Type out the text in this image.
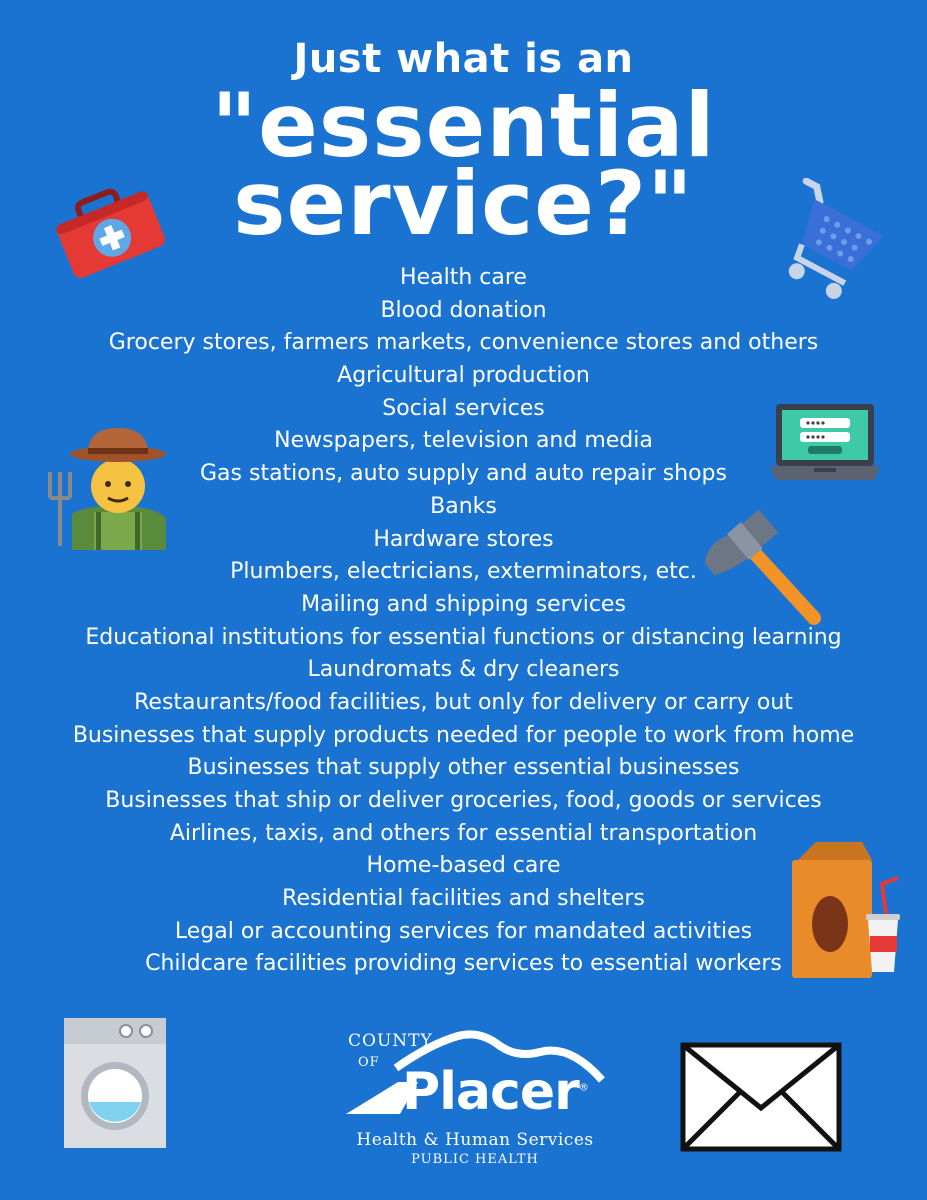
Just what is an
"essential
service?"
Health care
Blood donation
Grocery stores, farmers markets, convenience stores and others
Agricultural production
Social services
Newspapers, television and media
Gas stations, auto supply and auto repair shops
Banks
Hardware stores
Plumbers, electricians, exterminators, etc.
Mailing and shipping services
Educational institutions for essential functions or distancing learning
Laundromats & dry cleaners
Restaurants/food facilities, but only for delivery or carry out
Businesses that supply products needed for people to work from home
Businesses that supply other essential businesses
Businesses that ship or deliver groceries, food, goods or services
Airlines, taxis, and others for essential transportation
Home-based care
Residential facilities and shelters
Legal or accounting services for mandated activities
Childcare facilities providing services to essential workers
COUNTY
OF Placer®
Health & Human Services
PUBLIC HEALTH
